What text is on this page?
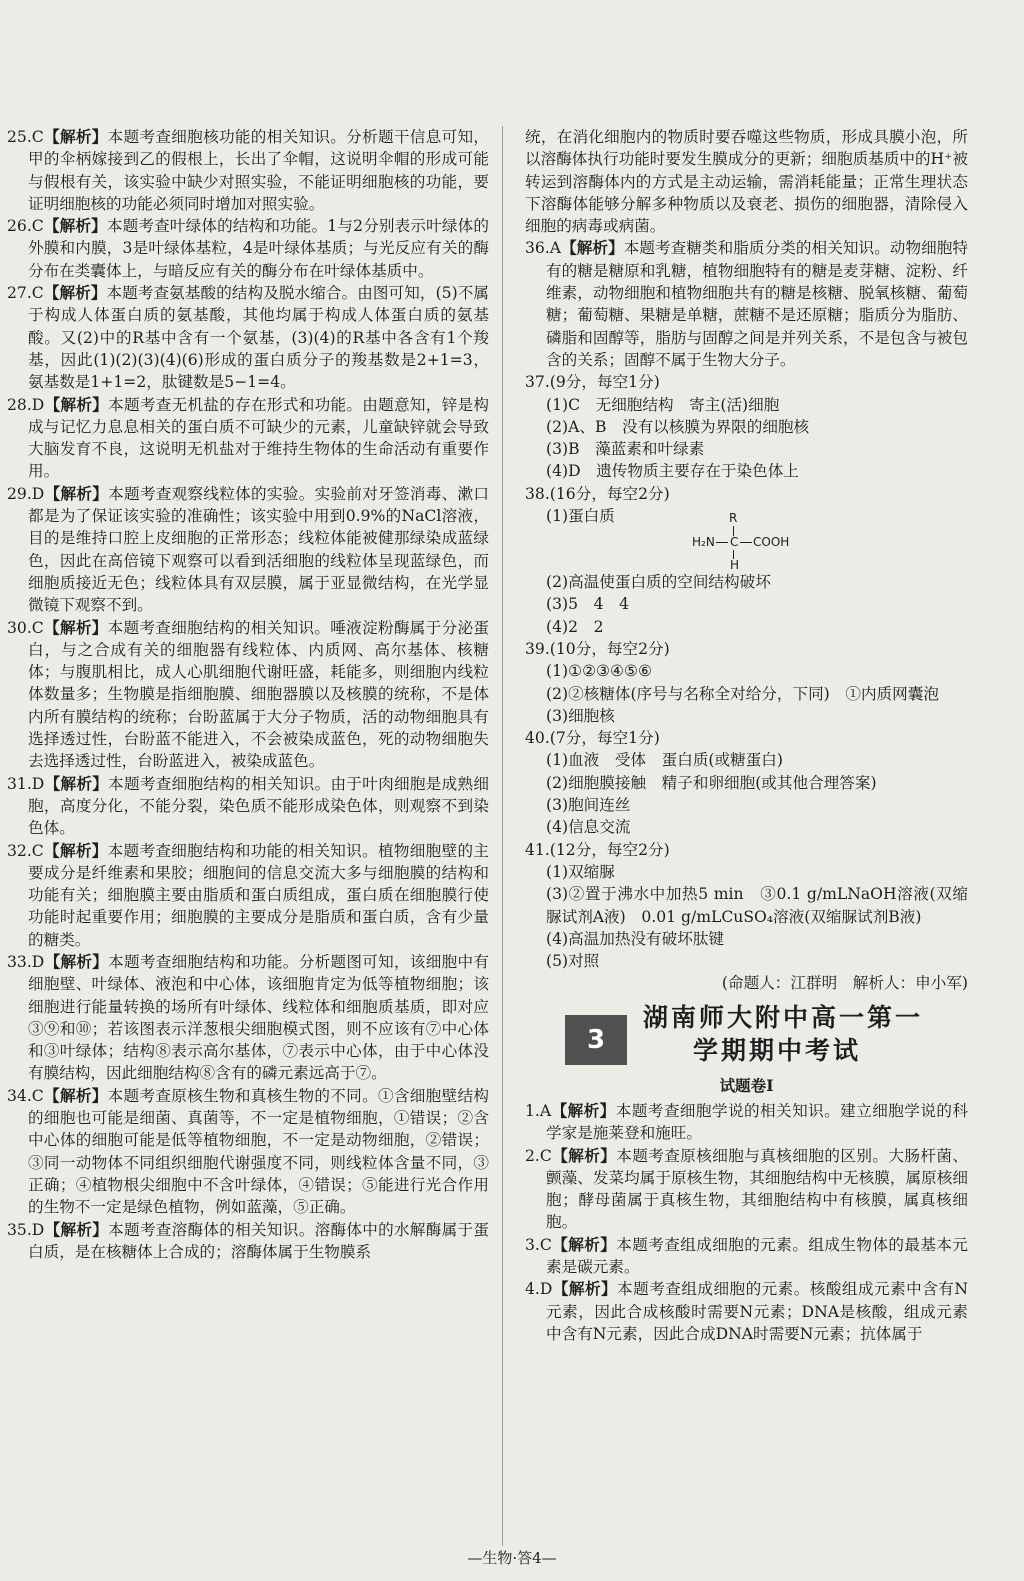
25.C【解析】本题考查细胞核功能的相关知识。分析题干信息可知，甲的伞柄嫁接到乙的假根上，长出了伞帽，这说明伞帽的形成可能与假根有关，该实验中缺少对照实验，不能证明细胞核的功能，要证明细胞核的功能必须同时增加对照实验。
26.C【解析】本题考查叶绿体的结构和功能。1与2分别表示叶绿体的外膜和内膜，3是叶绿体基粒，4是叶绿体基质；与光反应有关的酶分布在类囊体上，与暗反应有关的酶分布在叶绿体基质中。
27.C【解析】本题考查氨基酸的结构及脱水缩合。由图可知，(5)不属于构成人体蛋白质的氨基酸，其他均属于构成人体蛋白质的氨基酸。又(2)中的R基中含有一个氨基，(3)(4)的R基中各含有1个羧基，因此(1)(2)(3)(4)(6)形成的蛋白质分子的羧基数是2+1=3，氨基数是1+1=2，肽键数是5−1=4。
28.D【解析】本题考查无机盐的存在形式和功能。由题意知，锌是构成与记忆力息息相关的蛋白质不可缺少的元素，儿童缺锌就会导致大脑发育不良，这说明无机盐对于维持生物体的生命活动有重要作用。
29.D【解析】本题考查观察线粒体的实验。实验前对牙签消毒、漱口都是为了保证该实验的准确性；该实验中用到0.9%的NaCl溶液，目的是维持口腔上皮细胞的正常形态；线粒体能被健那绿染成蓝绿色，因此在高倍镜下观察可以看到活细胞的线粒体呈现蓝绿色，而细胞质接近无色；线粒体具有双层膜，属于亚显微结构，在光学显微镜下观察不到。
30.C【解析】本题考查细胞结构的相关知识。唾液淀粉酶属于分泌蛋白，与之合成有关的细胞器有线粒体、内质网、高尔基体、核糖体；与腹肌相比，成人心肌细胞代谢旺盛，耗能多，则细胞内线粒体数量多；生物膜是指细胞膜、细胞器膜以及核膜的统称，不是体内所有膜结构的统称；台盼蓝属于大分子物质，活的动物细胞具有选择透过性，台盼蓝不能进入，不会被染成蓝色，死的动物细胞失去选择透过性，台盼蓝进入，被染成蓝色。
31.D【解析】本题考查细胞结构的相关知识。由于叶肉细胞是成熟细胞，高度分化，不能分裂，染色质不能形成染色体，则观察不到染色体。
32.C【解析】本题考查细胞结构和功能的相关知识。植物细胞壁的主要成分是纤维素和果胶；细胞间的信息交流大多与细胞膜的结构和功能有关；细胞膜主要由脂质和蛋白质组成，蛋白质在细胞膜行使功能时起重要作用；细胞膜的主要成分是脂质和蛋白质，含有少量的糖类。
33.D【解析】本题考查细胞结构和功能。分析题图可知，该细胞中有细胞壁、叶绿体、液泡和中心体，该细胞肯定为低等植物细胞；该细胞进行能量转换的场所有叶绿体、线粒体和细胞质基质，即对应③⑨和⑩；若该图表示洋葱根尖细胞模式图，则不应该有⑦中心体和③叶绿体；结构⑧表示高尔基体，⑦表示中心体，由于中心体没有膜结构，因此细胞结构⑧含有的磷元素远高于⑦。
34.C【解析】本题考查原核生物和真核生物的不同。①含细胞壁结构的细胞也可能是细菌、真菌等，不一定是植物细胞，①错误；②含中心体的细胞可能是低等植物细胞，不一定是动物细胞，②错误；③同一动物体不同组织细胞代谢强度不同，则线粒体含量不同，③正确；④植物根尖细胞中不含叶绿体，④错误；⑤能进行光合作用的生物不一定是绿色植物，例如蓝藻，⑤正确。
35.D【解析】本题考查溶酶体的相关知识。溶酶体中的水解酶属于蛋白质，是在核糖体上合成的；溶酶体属于生物膜系
统，在消化细胞内的物质时要吞噬这些物质，形成具膜小泡，所以溶酶体执行功能时要发生膜成分的更新；细胞质基质中的H⁺被转运到溶酶体内的方式是主动运输，需消耗能量；正常生理状态下溶酶体能够分解多种物质以及衰老、损伤的细胞器，清除侵入细胞的病毒或病菌。
36.A【解析】本题考查糖类和脂质分类的相关知识。动物细胞特有的糖是糖原和乳糖，植物细胞特有的糖是麦芽糖、淀粉、纤维素，动物细胞和植物细胞共有的糖是核糖、脱氧核糖、葡萄糖；葡萄糖、果糖是单糖，蔗糖不是还原糖；脂质分为脂肪、磷脂和固醇等，脂肪与固醇之间是并列关系，不是包含与被包含的关系；固醇不属于生物大分子。
37.(9分，每空1分)
(1)C　无细胞结构　寄主(活)细胞
(2)A、B　没有以核膜为界限的细胞核
(3)B　藻蓝素和叶绿素
(4)D　遗传物质主要存在于染色体上
38.(16分，每空2分)
(1)蛋白质	R
H₂N C COOH
H
(2)高温使蛋白质的空间结构破坏
(3)5　4　4
(4)2　2
39.(10分，每空2分)
(1)①②③④⑤⑥
(2)②核糖体(序号与名称全对给分，下同)　①内质网囊泡
(3)细胞核
40.(7分，每空1分)
(1)血液　受体　蛋白质(或糖蛋白)
(2)细胞膜接触　精子和卵细胞(或其他合理答案)
(3)胞间连丝
(4)信息交流
41.(12分，每空2分)
(1)双缩脲
(3)②置于沸水中加热5 min　③0.1 g/mLNaOH溶液(双缩脲试剂A液)　0.01 g/mLCuSO₄溶液(双缩脲试剂B液)
(4)高温加热没有破坏肽键
(5)对照
(命题人：江群明　解析人：申小军)
3
湖南师大附中高一第一
学期期中考试
试题卷Ⅰ
1.A【解析】本题考查细胞学说的相关知识。建立细胞学说的科学家是施莱登和施旺。
2.C【解析】本题考查原核细胞与真核细胞的区别。大肠杆菌、颤藻、发菜均属于原核生物，其细胞结构中无核膜，属原核细胞；酵母菌属于真核生物，其细胞结构中有核膜，属真核细胞。
3.C【解析】本题考查组成细胞的元素。组成生物体的最基本元素是碳元素。
4.D【解析】本题考查组成细胞的元素。核酸组成元素中含有N元素，因此合成核酸时需要N元素；DNA是核酸，组成元素中含有N元素，因此合成DNA时需要N元素；抗体属于
—生物·答4—
